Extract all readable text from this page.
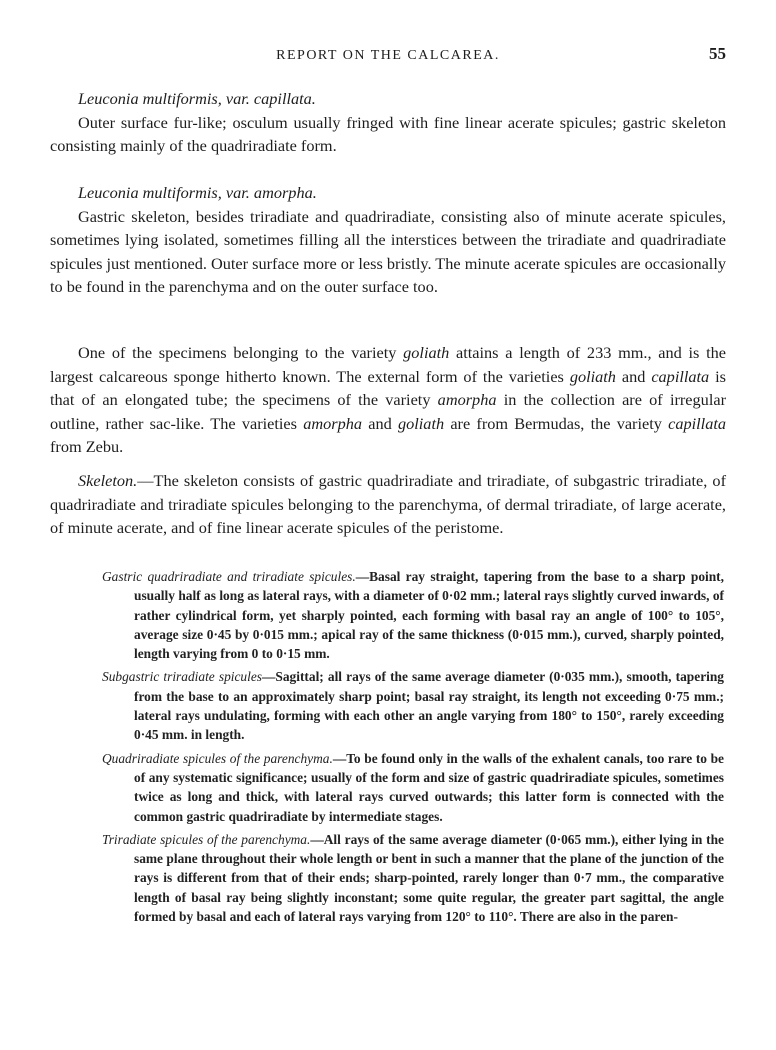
REPORT ON THE CALCAREA.	55
Leuconia multiformis, var. capillata.

Outer surface fur-like; osculum usually fringed with fine linear acerate spicules; gastric skeleton consisting mainly of the quadriradiate form.

Leuconia multiformis, var. amorpha.

Gastric skeleton, besides triradiate and quadriradiate, consisting also of minute acerate spicules, sometimes lying isolated, sometimes filling all the interstices between the triradiate and quadriradiate spicules just mentioned. Outer surface more or less bristly. The minute acerate spicules are occasionally to be found in the parenchyma and on the outer surface too.

One of the specimens belonging to the variety goliath attains a length of 233 mm., and is the largest calcareous sponge hitherto known. The external form of the varieties goliath and capillata is that of an elongated tube; the specimens of the variety amorpha in the collection are of irregular outline, rather sac-like. The varieties amorpha and goliath are from Bermudas, the variety capillata from Zebu.

Skeleton.—The skeleton consists of gastric quadriradiate and triradiate, of subgastric triradiate, of quadriradiate and triradiate spicules belonging to the parenchyma, of dermal triradiate, of large acerate, of minute acerate, and of fine linear acerate spicules of the peristome.

Gastric quadriradiate and triradiate spicules.—Basal ray straight, tapering from the base to a sharp point, usually half as long as lateral rays, with a diameter of 0·02 mm.; lateral rays slightly curved inwards, of rather cylindrical form, yet sharply pointed, each forming with basal ray an angle of 100° to 105°, average size 0·45 by 0·015 mm.; apical ray of the same thickness (0·015 mm.), curved, sharply pointed, length varying from 0 to 0·15 mm.

Subgastric triradiate spicules—Sagittal; all rays of the same average diameter (0·035 mm.), smooth, tapering from the base to an approximately sharp point; basal ray straight, its length not exceeding 0·75 mm.; lateral rays undulating, forming with each other an angle varying from 180° to 150°, rarely exceeding 0·45 mm. in length.

Quadriradiate spicules of the parenchyma.—To be found only in the walls of the exhalent canals, too rare to be of any systematic significance; usually of the form and size of gastric quadriradiate spicules, sometimes twice as long and thick, with lateral rays curved outwards; this latter form is connected with the common gastric quadriradiate by intermediate stages.

Triradiate spicules of the parenchyma.—All rays of the same average diameter (0·065 mm.), either lying in the same plane throughout their whole length or bent in such a manner that the plane of the junction of the rays is different from that of their ends; sharp-pointed, rarely longer than 0·7 mm., the comparative length of basal ray being slightly inconstant; some quite regular, the greater part sagittal, the angle formed by basal and each of lateral rays varying from 120° to 110°. There are also in the paren-
